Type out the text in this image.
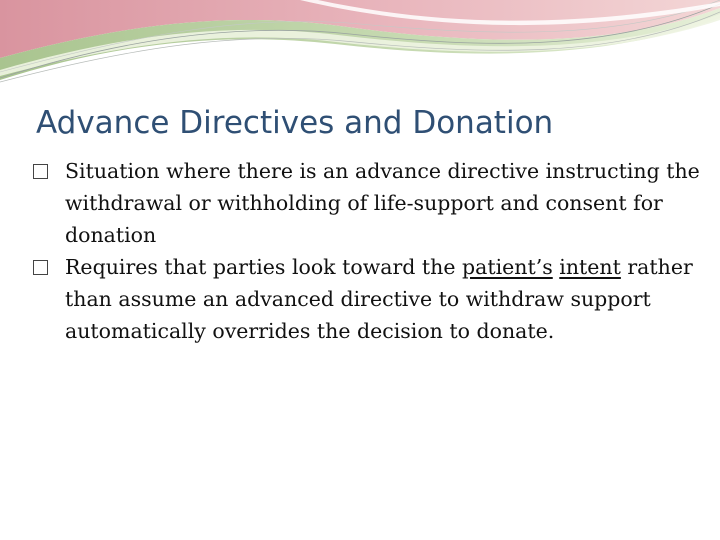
Advance Directives and Donation
Situation where there is an advance directive instructing the withdrawal or withholding of life-support and consent for donation
Requires that parties look toward the patient’s intent rather than assume an advanced directive to withdraw support automatically overrides the decision to donate.
